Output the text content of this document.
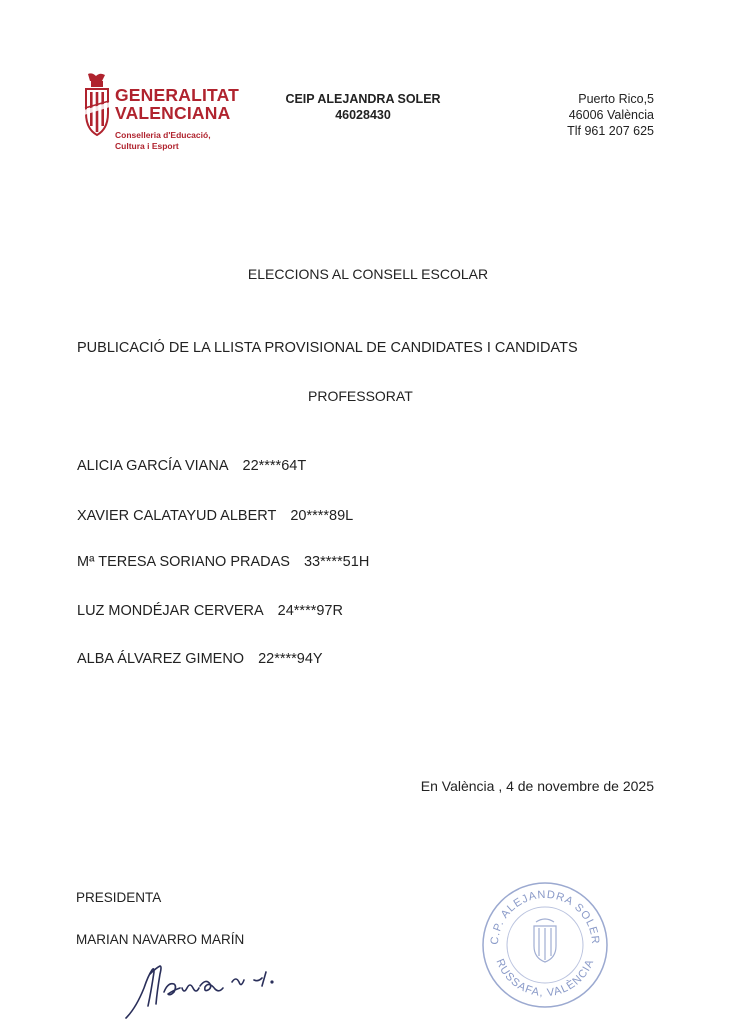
GENERALITAT
VALENCIANA
Conselleria d'Educació,
Cultura i Esport
CEIP ALEJANDRA SOLER
46028430
Puerto Rico,5
46006 València
Tlf 961 207 625
ELECCIONS AL CONSELL ESCOLAR
PUBLICACIÓ DE LA LLISTA PROVISIONAL DE CANDIDATES I CANDIDATS
PROFESSORAT
ALICIA GARCÍA VIANA 22****64T
XAVIER CALATAYUD ALBERT 20****89L
Mª TERESA SORIANO PRADAS 33****51H
LUZ MONDÉJAR CERVERA 24****97R
ALBA ÁLVAREZ GIMENO 22****94Y
En València , 4 de novembre de 2025
PRESIDENTA
MARIAN NAVARRO MARÍN	C.P. ALEJANDRA SOLER
RUSSAFA, VALÈNCIA
